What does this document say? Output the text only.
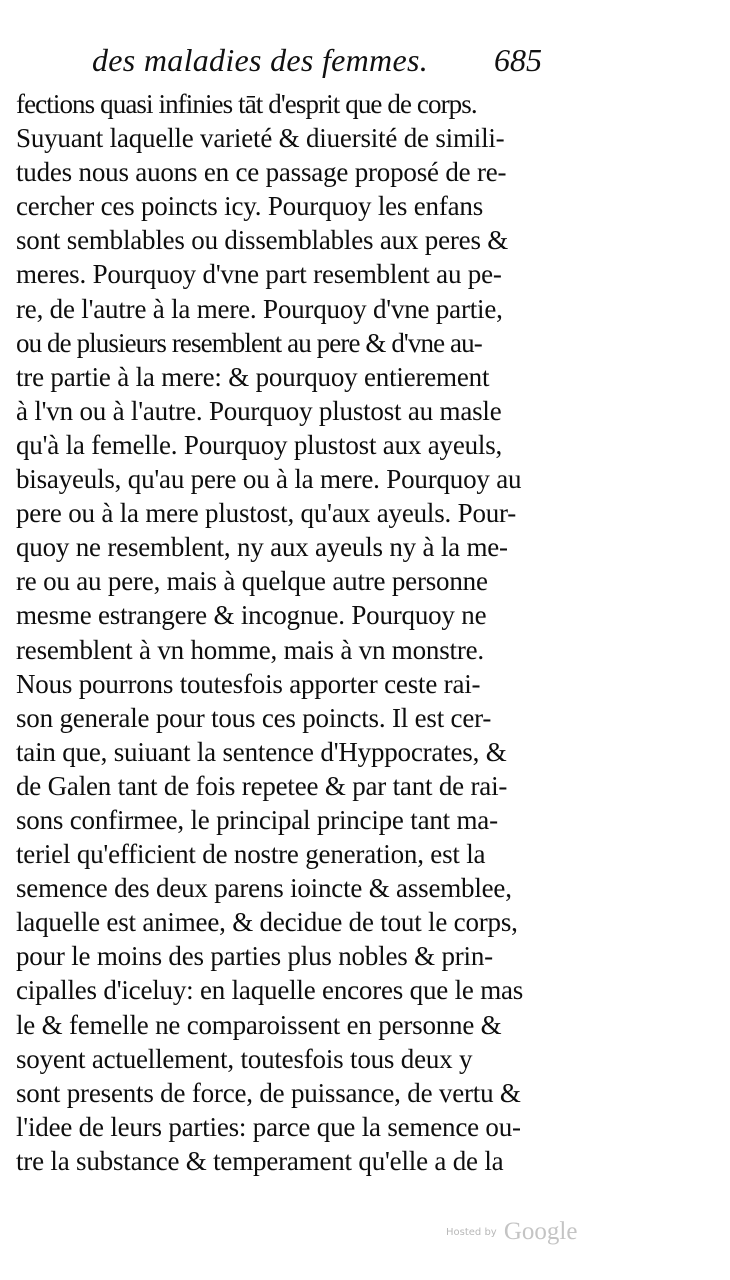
des maladies des femmes. 685
fections quasi infinies tāt d'esprit que de corps.
Suyuant laquelle varieté & diuersité de simili-
tudes nous auons en ce passage proposé de re-
cercher ces poincts icy. Pourquoy les enfans
sont semblables ou dissemblables aux peres &
meres. Pourquoy d'vne part resemblent au pe-
re, de l'autre à la mere. Pourquoy d'vne partie,
ou de plusieurs resemblent au pere & d'vne au-
tre partie à la mere: & pourquoy entierement
à l'vn ou à l'autre. Pourquoy plustost au masle
qu'à la femelle. Pourquoy plustost aux ayeuls,
bisayeuls, qu'au pere ou à la mere. Pourquoy au
pere ou à la mere plustost, qu'aux ayeuls. Pour-
quoy ne resemblent, ny aux ayeuls ny à la me-
re ou au pere, mais à quelque autre personne
mesme estrangere & incognue. Pourquoy ne
resemblent à vn homme, mais à vn monstre.
Nous pourrons toutesfois apporter ceste rai-
son generale pour tous ces poincts. Il est cer-
tain que, suiuant la sentence d'Hyppocrates, &
de Galen tant de fois repetee & par tant de rai-
sons confirmee, le principal principe tant ma-
teriel qu'efficient de nostre generation, est la
semence des deux parens ioincte & assemblee,
laquelle est animee, & decidue de tout le corps,
pour le moins des parties plus nobles & prin-
cipalles d'iceluy: en laquelle encores que le mas
le & femelle ne comparoissent en personne &
soyent actuellement, toutesfois tous deux y
sont presents de force, de puissance, de vertu &
l'idee de leurs parties: parce que la semence ou-
tre la substance & temperament qu'elle a de la
$^{Hosted by}$ Google
